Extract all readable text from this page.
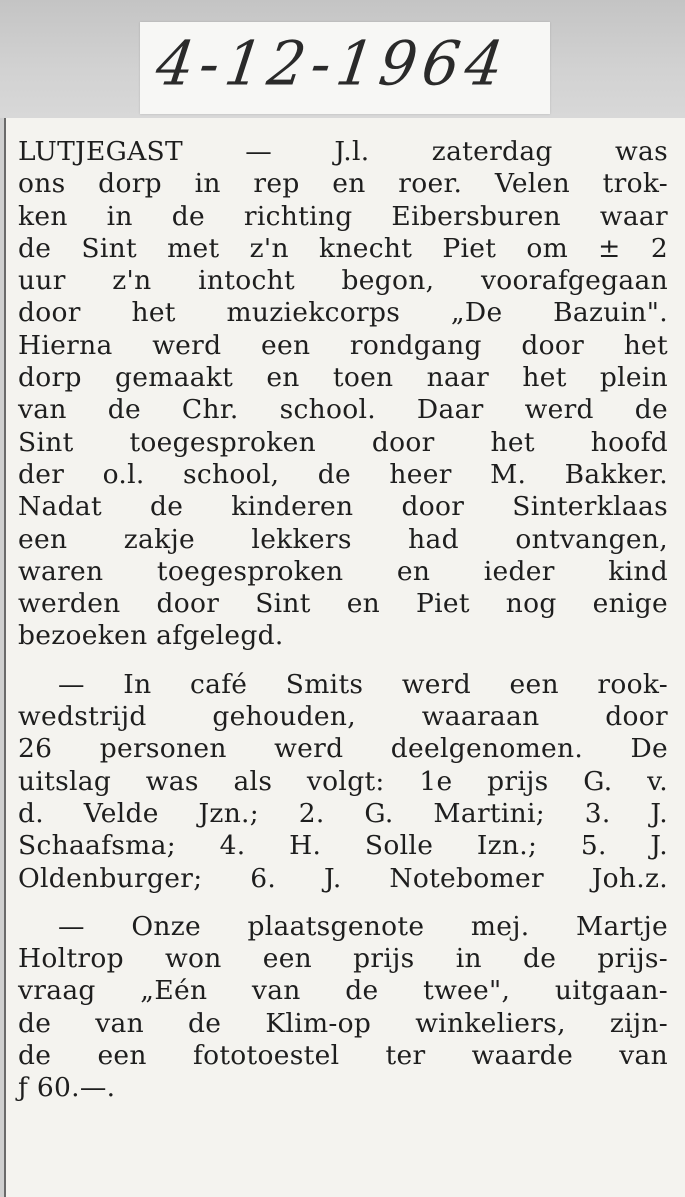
4-12-1964
LUTJEGAST — J.l. zaterdag was
ons dorp in rep en roer. Velen trok-
ken in de richting Eibersburen waar
de Sint met z'n knecht Piet om ± 2
uur z'n intocht begon, voorafgegaan
door het muziekcorps „De Bazuin".
Hierna werd een rondgang door het
dorp gemaakt en toen naar het plein
van de Chr. school. Daar werd de
Sint toegesproken door het hoofd
der o.l. school, de heer M. Bakker.
Nadat de kinderen door Sinterklaas
een zakje lekkers had ontvangen,
waren toegesproken en ieder kind
werden door Sint en Piet nog enige
bezoeken afgelegd.
— In café Smits werd een rook-
wedstrijd gehouden, waaraan door
26 personen werd deelgenomen. De
uitslag was als volgt: 1e prijs G. v.
d. Velde Jzn.; 2. G. Martini; 3. J.
Schaafsma; 4. H. Solle Izn.; 5. J.
Oldenburger; 6. J. Notebomer Joh.z.
— Onze plaatsgenote mej. Martje
Holtrop won een prijs in de prijs-
vraag „Eén van de twee", uitgaan-
de van de Klim-op winkeliers, zijn-
de een fototoestel ter waarde van
ƒ 60.—.
